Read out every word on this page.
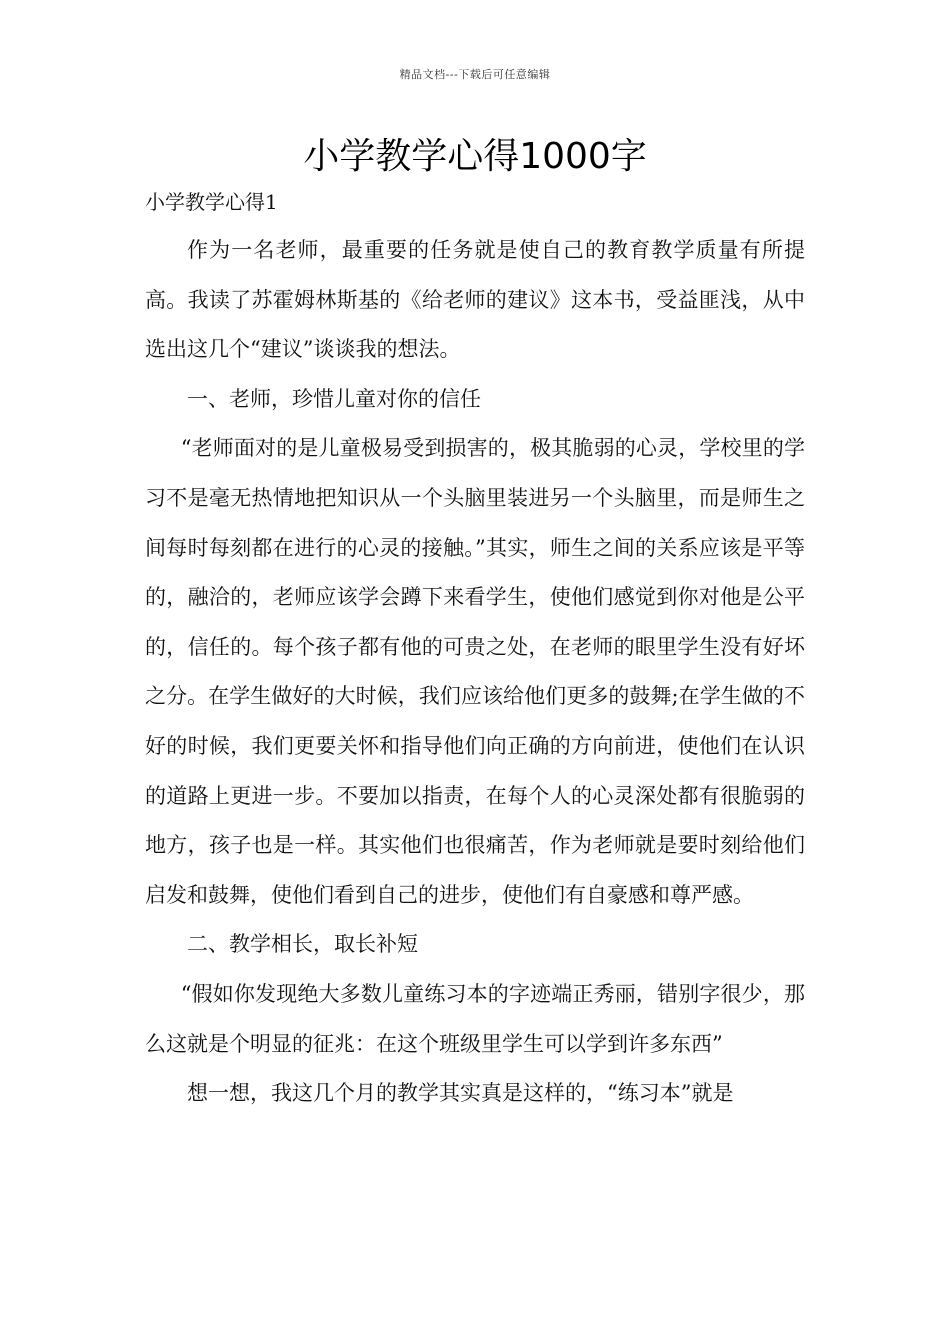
精品文档---下载后可任意编辑
小学教学心得1000字

小学教学心得1

作为一名老师，最重要的任务就是使自己的教育教学质量有所提高。我读了苏霍姆林斯基的《给老师的建议》这本书，受益匪浅，从中选出这几个“建议”谈谈我的想法。

一、老师，珍惜儿童对你的信任

“老师面对的是儿童极易受到损害的，极其脆弱的心灵，学校里的学习不是毫无热情地把知识从一个头脑里装进另一个头脑里，而是师生之间每时每刻都在进行的心灵的接触。”其实，师生之间的关系应该是平等的，融洽的，老师应该学会蹲下来看学生，使他们感觉到你对他是公平的，信任的。每个孩子都有他的可贵之处，在老师的眼里学生没有好坏之分。在学生做好的大时候，我们应该给他们更多的鼓舞;在学生做的不好的时候，我们更要关怀和指导他们向正确的方向前进，使他们在认识的道路上更进一步。不要加以指责，在每个人的心灵深处都有很脆弱的地方，孩子也是一样。其实他们也很痛苦，作为老师就是要时刻给他们启发和鼓舞，使他们看到自己的进步，使他们有自豪感和尊严感。

二、教学相长，取长补短

“假如你发现绝大多数儿童练习本的字迹端正秀丽，错别字很少，那么这就是个明显的征兆：在这个班级里学生可以学到许多东西”

想一想，我这几个月的教学其实真是这样的，“练习本”就是
